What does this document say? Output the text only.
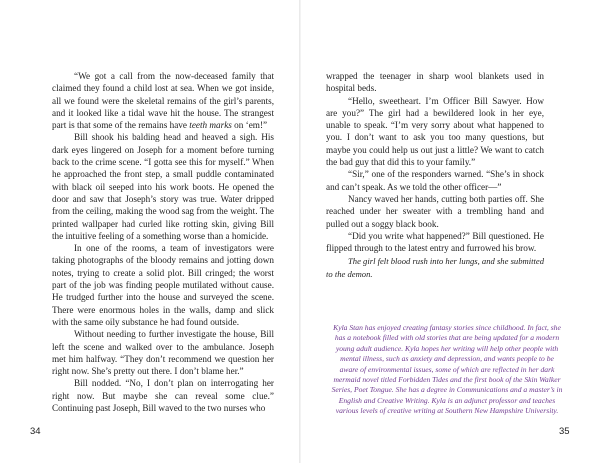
“We got a call from the now-deceased family that claimed they found a child lost at sea. When we got inside, all we found were the skeletal remains of the girl’s parents, and it looked like a tidal wave hit the house. The strangest part is that some of the remains have teeth marks on ‘em!”

Bill shook his balding head and heaved a sigh. His dark eyes lingered on Joseph for a moment before turning back to the crime scene. “I gotta see this for myself.” When he approached the front step, a small puddle contaminated with black oil seeped into his work boots. He opened the door and saw that Joseph’s story was true. Water dripped from the ceiling, making the wood sag from the weight. The printed wallpaper had curled like rotting skin, giving Bill the intuitive feeling of a something worse than a homicide.

In one of the rooms, a team of investigators were taking photographs of the bloody remains and jotting down notes, trying to create a solid plot. Bill cringed; the worst part of the job was finding people mutilated without cause. He trudged further into the house and surveyed the scene. There were enormous holes in the walls, damp and slick with the same oily substance he had found outside.

Without needing to further investigate the house, Bill left the scene and walked over to the ambulance. Joseph met him halfway. “They don’t recommend we question her right now. She’s pretty out there. I don’t blame her.”

Bill nodded. “No, I don’t plan on interrogating her right now. But maybe she can reveal some clue.” Continuing past Joseph, Bill waved to the two nurses who

34

wrapped the teenager in sharp wool blankets used in hospital beds.

“Hello, sweetheart. I’m Officer Bill Sawyer. How are you?” The girl had a bewildered look in her eye, unable to speak. “I’m very sorry about what happened to you. I don’t want to ask you too many questions, but maybe you could help us out just a little? We want to catch the bad guy that did this to your family.”

“Sir,” one of the responders warned. “She’s in shock and can’t speak. As we told the other officer—”

Nancy waved her hands, cutting both parties off. She reached under her sweater with a trembling hand and pulled out a soggy black book.

“Did you write what happened?” Bill questioned. He flipped through to the latest entry and furrowed his brow.

The girl felt blood rush into her lungs, and she submitted to the demon.

Kyla Stan has enjoyed creating fantasy stories since childhood. In fact, she has a notebook filled with old stories that are being updated for a modern young adult audience. Kyla hopes her writing will help other people with mental illness, such as anxiety and depression, and wants people to be aware of environmental issues, some of which are reflected in her dark mermaid novel titled Forbidden Tides and the first book of the Skin Walker Series, Poet Tongue. She has a degree in Communications and a master’s in English and Creative Writing. Kyla is an adjunct professor and teaches various levels of creative writing at Southern New Hampshire University.

35
